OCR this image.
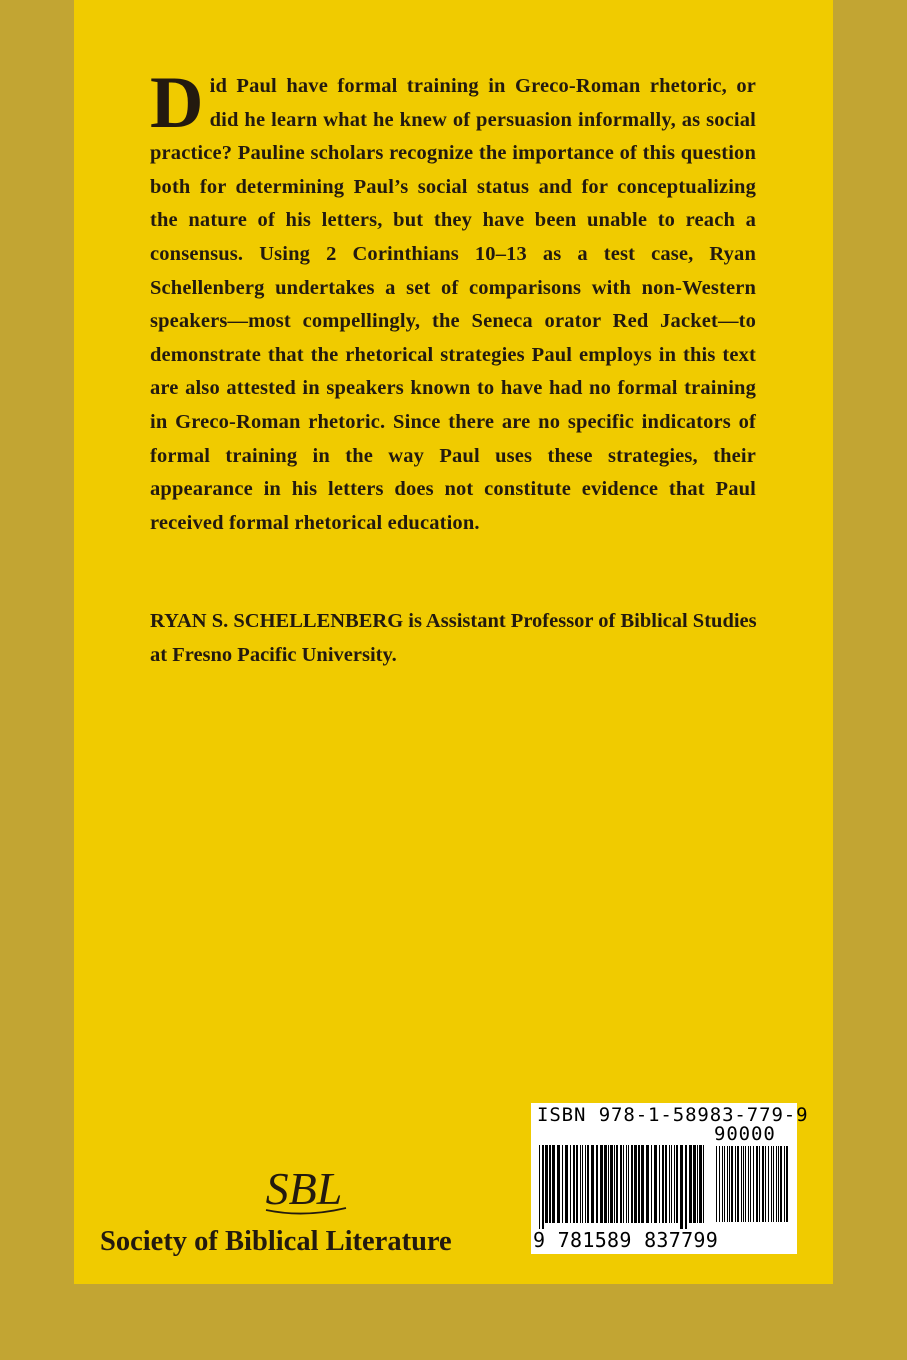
Did Paul have formal training in Greco-Roman rhetoric, or did he learn what he knew of persuasion informally, as social practice? Pauline scholars recognize the importance of this question both for determining Paul’s social status and for conceptualizing the nature of his letters, but they have been unable to reach a consensus. Using 2 Corinthians 10–13 as a test case, Ryan Schellenberg undertakes a set of comparisons with non-Western speakers—most compellingly, the Seneca orator Red Jacket—to demonstrate that the rhetorical strategies Paul employs in this text are also attested in speakers known to have had no formal training in Greco-Roman rhetoric. Since there are no specific indicators of formal training in the way Paul uses these strategies, their appearance in his letters does not constitute evidence that Paul received formal rhetorical education.
RYAN S. SCHELLENBERG is Assistant Professor of Biblical Studies at Fresno Pacific University.
SBL
Society of Biblical Literature
ISBN 978-1-58983-779-9
90000
9 781589 837799
